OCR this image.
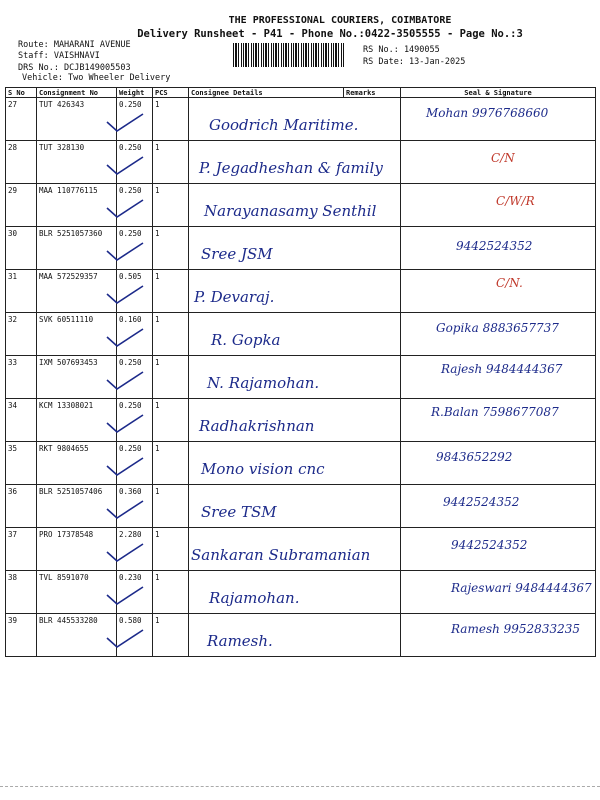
THE PROFESSIONAL COURIERS, COIMBATORE
Delivery Runsheet - P41 - Phone No.:0422-3505555 - Page No.:3
Route: MAHARANI AVENUE
Staff: VAISHNAVI
DRS No.: DCJB149005503
Vehicle: Two Wheeler Delivery
RS No.: 1490055
RS Date: 13-Jan-2025
S No	Consignment No	Weight	PCS	Consignee Details	Remarks	Seal & Signature
27	TUT 426343	0.250	1	Goodrich Maritime.		Mohan 9976768660

28	TUT 328130	0.250	1	P. Jegadheshan & family		C/N

29	MAA 110776115	0.250	1	Narayanasamy Senthil		C/W/R

30	BLR 5251057360	0.250	1	Sree JSM		9442524352

31	MAA 572529357	0.505	1	P. Devaraj.		C/N.

32	SVK 60511110	0.160	1	R. Gopka		Gopika 8883657737

33	IXM 507693453	0.250	1	N. Rajamohan.		Rajesh 9484444367

34	KCM 13308021	0.250	1	Radhakrishnan		R.Balan 7598677087

35	RKT 9804655	0.250	1	Mono vision cnc		9843652292

36	BLR 5251057406	0.360	1	Sree TSM		9442524352

37	PRO 17378548	2.280	1	Sankaran Subramanian		9442524352

38	TVL 8591070	0.230	1	Rajamohan.		Rajeswari 9484444367

39	BLR 445533280	0.580	1	Ramesh.		Ramesh 9952833235
